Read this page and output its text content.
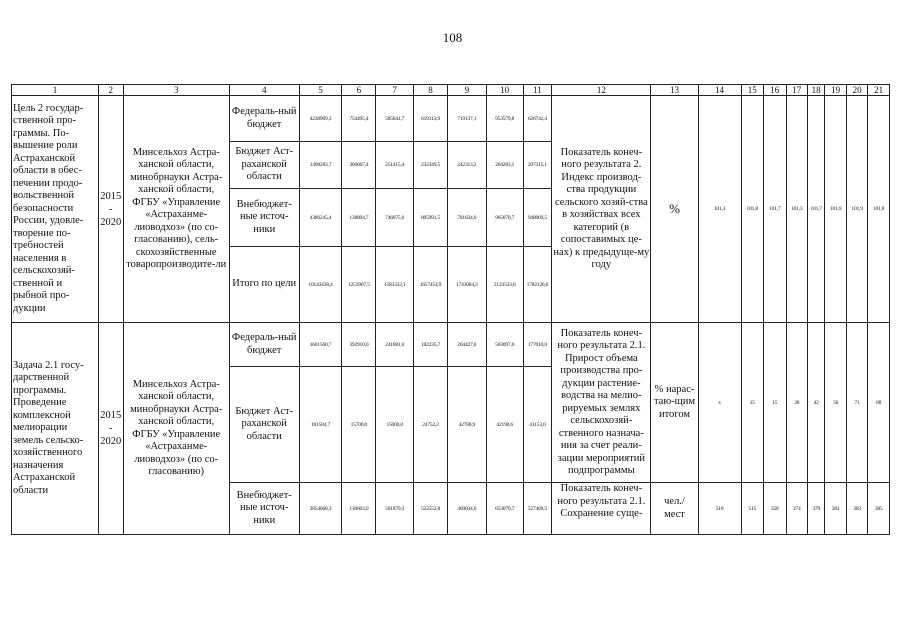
108
1	2	3	4	5	6	7	8	9	10	11	12	13	14	15	16	17	18	19	20	21
Цель 2 государ-ственной про-граммы. По-вышение роли Астраханской области в обес-печении продо-вольственной безопасности России, удовле-творение по-требностей населения в сельскохозяй-ственной и рыбной про-дукции	2015 - 2020	Минсельхоз Астра-ханской области, минобрнауки Астра-ханской области, ФГБУ «Управление «Астраханме-лиоводхоз» (по со-гласованию), сель-скохозяйственные товаропроизводите-ли	Федераль-ный бюджет	4238909,3	754495,4	585841,7	619113,9	719137,1	953579,8	626741,4	Показатель конеч-ного результата 2. Индекс производ-ства продукции сельского хозяй-ства в хозяйствах всех категорий (в сопоставимых це-нах) к предыдуще-му году	%	101,3	101,8	101,7	101,3	101,7	101,9	101,9	101,8
			Бюджет Аст-раханской области	1498283,7	360667,4	251415,4	232349,5	242313,2	204283,1	207315,1										
			Внебюджет-ные источ-ники	4386245,4	138804,7	746075,0	805991,5	781634,0	965670,7	948069,5										
			Итого по цели	10143438,4	1253967,5	1583332,1	1657454,9	1743084,3	2123533,6	1782126,0										
Задача 2.1 госу-дарственной программы. Проведение комплексной мелиорации земель сельско-хозяйственного назначения Астраханской области	2015 - 2020	Минсельхоз Астра-ханской области, минобрнауки Астра-ханской области, ФГБУ «Управление «Астраханме-лиоводхоз» (по со-гласованию)	Федераль-ный бюджет	1601560,7	392910,0	241881,0	182235,7	204427,0	503097,0	177010,0	Показатель конеч-ного результата 2.1. Прирост объема производства про-дукции растение-водства на мелио-рируемых землях сельскохозяй-ственного назнача-ния за счет реали-зации мероприятий подпрограммы	% нарас-таю-щим итогом	х	15	15	28	42	56	71	88
			Бюджет Аст-раханской области	181584,7	15700,0	15000,0	24752,2	42788,9	42190,6	41153,0										
			Внебюджет-ные источ-ники	2854668,3	130603,0	561879,3	522552,8	469034,0	653070,7	527469,5	Показатель конеч-ного результата 2.1. Сохранение суще-	чел./ мест	510	515	358	374	379	381	383	385
